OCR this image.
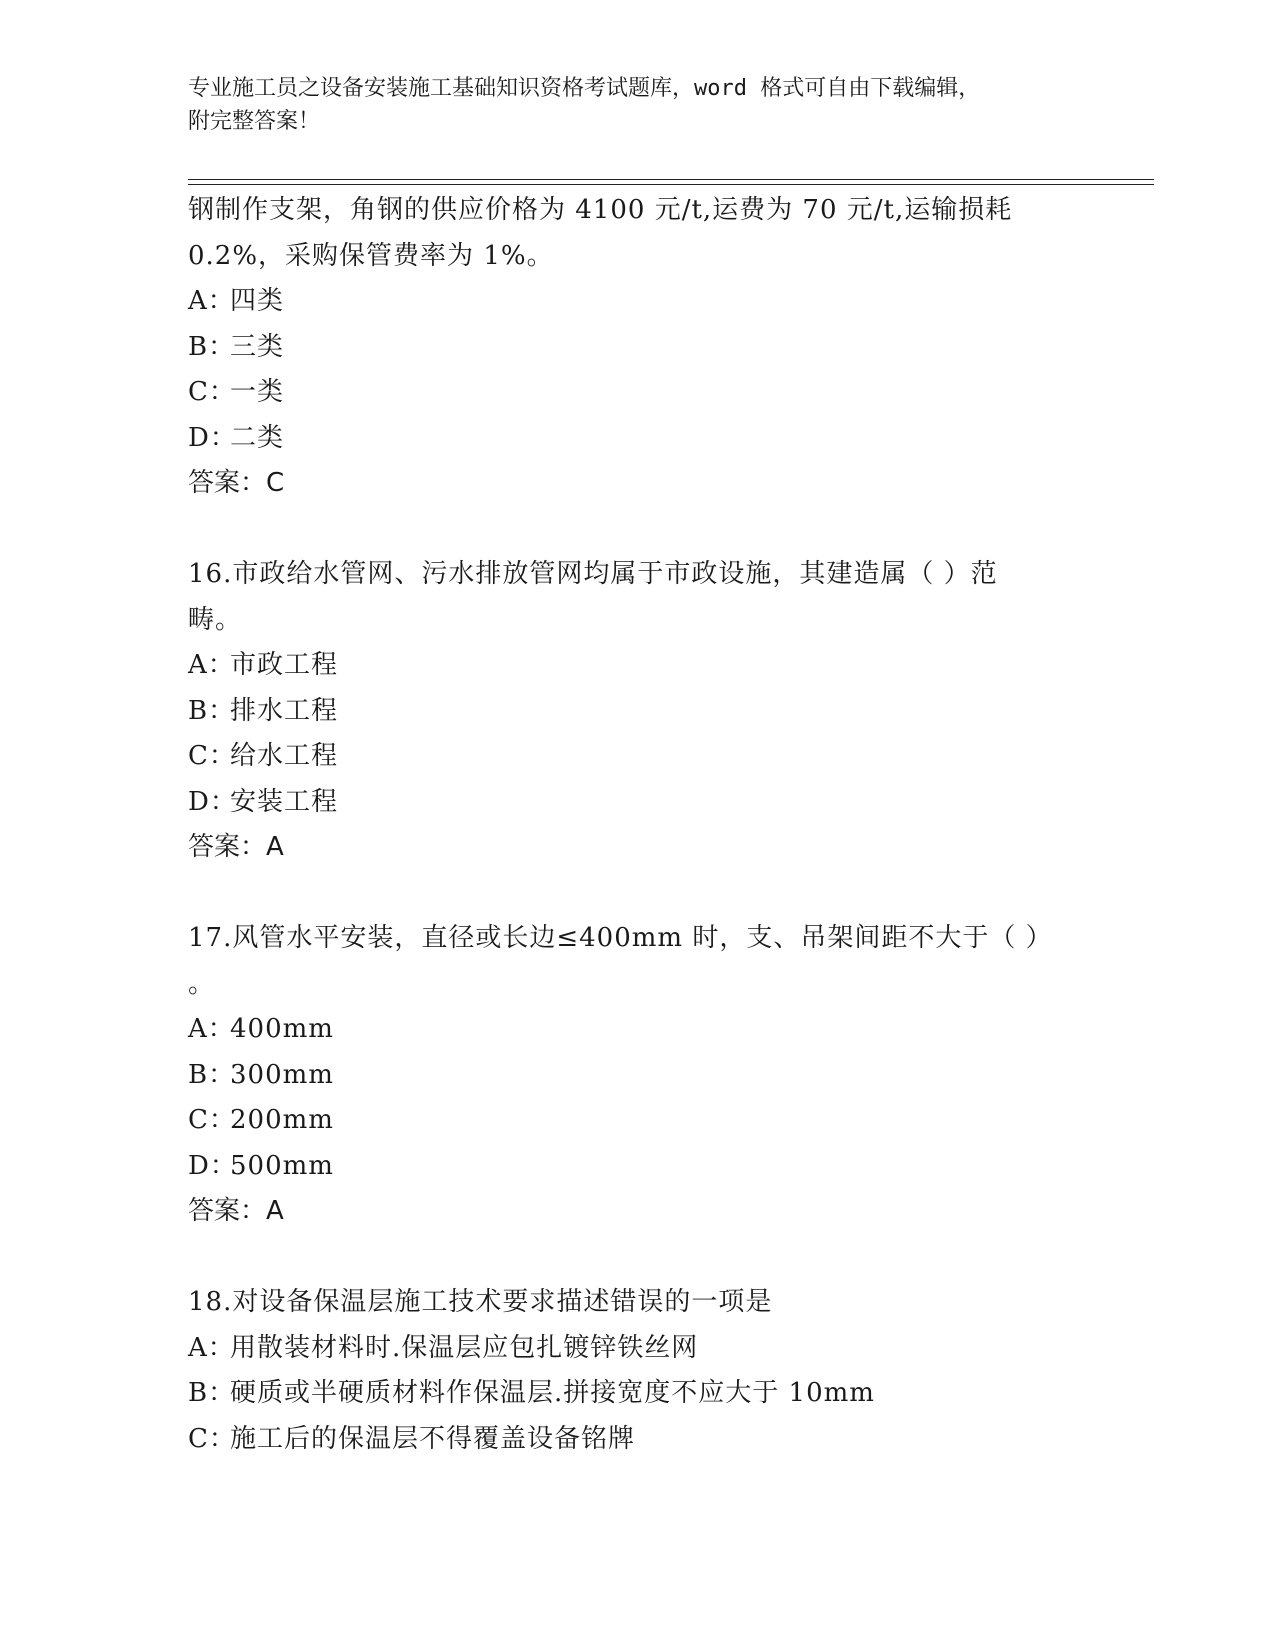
专业施工员之设备安装施工基础知识资格考试题库，word 格式可自由下载编辑，
附完整答案！
钢制作支架，角钢的供应价格为 4100 元/t,运费为 70 元/t,运输损耗
0.2%，采购保管费率为 1%。
A：四类
B：三类
C：一类
D：二类
答案：C
16.市政给水管网、污水排放管网均属于市政设施，其建造属（ ）范
畴。
A：市政工程
B：排水工程
C：给水工程
D：安装工程
答案：A
17.风管水平安装，直径或长边≤400mm 时，支、吊架间距不大于（ ）
。
A：400mm
B：300mm
C：200mm
D：500mm
答案：A
18.对设备保温层施工技术要求描述错误的一项是
A：用散装材料时.保温层应包扎镀锌铁丝网
B：硬质或半硬质材料作保温层.拼接宽度不应大于 10mm
C：施工后的保温层不得覆盖设备铭牌
